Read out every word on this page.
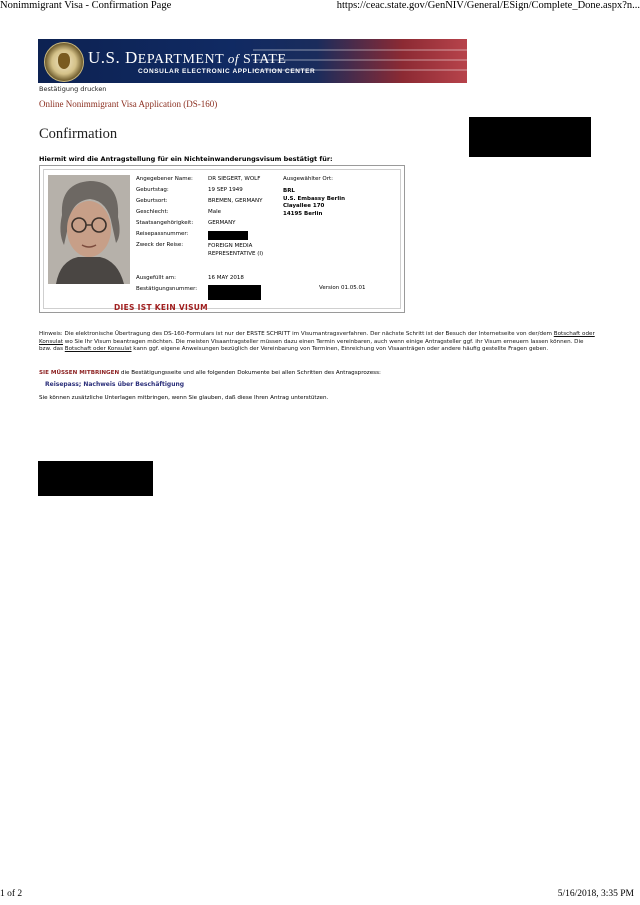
Nonimmigrant Visa - Confirmation Page	https://ceac.state.gov/GenNIV/General/ESign/Complete_Done.aspx?n...
U.S. DEPARTMENT of STATE
CONSULAR ELECTRONIC APPLICATION CENTER
Bestätigung drucken
Online Nonimmigrant Visa Application (DS-160)
Confirmation
Hiermit wird die Antragstellung für ein Nichteinwanderungsvisum bestätigt für:
Angegebener Name:	DR SIEGERT, WOLF
Geburtstag:	19 SEP 1949
Geburtsort:	BREMEN, GERMANY
Geschlecht:	Male
Staatsangehörigkeit:	GERMANY
Reisepassnummer:
Zweck der Reise:	FOREIGN MEDIA REPRESENTATIVE (I)
Ausgefüllt am:	16 MAY 2018
Bestätigungsnummer:
Ausgewählter Ort:
BRL
U.S. Embassy Berlin
Clayallee 170
14195 Berlin
Version 01.05.01
DIES IST KEIN VISUM
Hinweis: Die elektronische Übertragung des DS-160-Formulars ist nur der ERSTE SCHRITT im Visumantragsverfahren. Der nächste Schritt ist der Besuch der Internetseite von der/dem Botschaft oder Konsulat wo Sie Ihr Visum beantragen möchten. Die meisten Visaantragsteller müssen dazu einen Termin vereinbaren, auch wenn einige Antragsteller ggf. ihr Visum erneuern lassen können. Die bzw. das Botschaft oder Konsulat kann ggf. eigene Anweisungen bezüglich der Vereinbarung von Terminen, Einreichung von Visaanträgen oder andere häufig gestellte Fragen geben.
SIE MÜSSEN MITBRINGEN die Bestätigungsseite und alle folgenden Dokumente bei allen Schritten des Antragsprozess:
Reisepass; Nachweis über Beschäftigung
Sie können zusätzliche Unterlagen mitbringen, wenn Sie glauben, daß diese Ihren Antrag unterstützen.
1 of 2	5/16/2018, 3:35 PM
